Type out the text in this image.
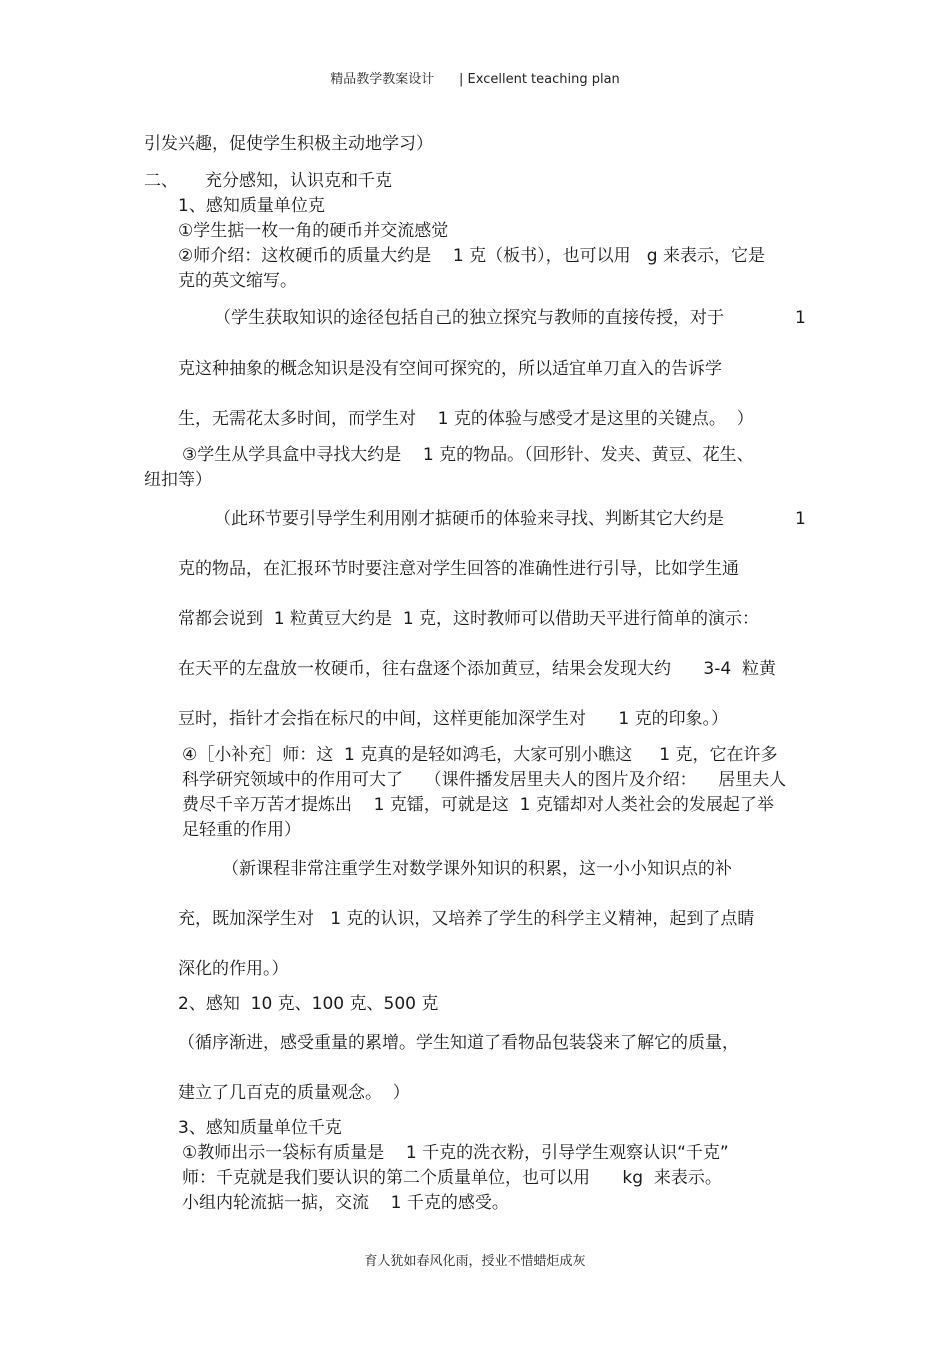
精品教学教案设计 | Excellent teaching plan
引发兴趣，促使学生积极主动地学习）
二、     充分感知，认识克和千克
1、感知质量单位克
①学生掂一枚一角的硬币并交流感觉
②师介绍：这枚硬币的质量大约是    1 克（板书），也可以用   g 来表示，它是
克的英文缩写。
（学生获取知识的途径包括自己的独立探究与教师的直接传授，对于	1
克这种抽象的概念知识是没有空间可探究的，所以适宜单刀直入的告诉学
生，无需花太多时间，而学生对    1 克的体验与感受才是这里的关键点。  ）
③学生从学具盒中寻找大约是    1 克的物品。（回形针、发夹、黄豆、花生、
纽扣等）
（此环节要引导学生利用刚才掂硬币的体验来寻找、判断其它大约是	1
克的物品，在汇报环节时要注意对学生回答的准确性进行引导，比如学生通
常都会说到  1 粒黄豆大约是  1 克，这时教师可以借助天平进行简单的演示：
在天平的左盘放一枚硬币，往右盘逐个添加黄豆，结果会发现大约      3-4  粒黄
豆时，指针才会指在标尺的中间，这样更能加深学生对      1 克的印象。）
④［小补充］师：这  1 克真的是轻如鸿毛，大家可别小瞧这     1 克，它在许多
科学研究领域中的作用可大了    （课件播发居里夫人的图片及介绍：    居里夫人
费尽千辛万苦才提炼出    1 克镭，可就是这  1 克镭却对人类社会的发展起了举
足轻重的作用）
（新课程非常注重学生对数学课外知识的积累，这一小小知识点的补
充，既加深学生对   1 克的认识，又培养了学生的科学主义精神，起到了点睛
深化的作用。）
2、感知  10 克、100 克、500 克
（循序渐进，感受重量的累增。学生知道了看物品包装袋来了解它的质量，
建立了几百克的质量观念。  ）
3、感知质量单位千克
①教师出示一袋标有质量是    1 千克的洗衣粉，引导学生观察认识“千克”
师：千克就是我们要认识的第二个质量单位，也可以用      kg  来表示。
小组内轮流掂一掂，交流    1 千克的感受。
育人犹如春风化雨，授业不惜蜡炬成灰
